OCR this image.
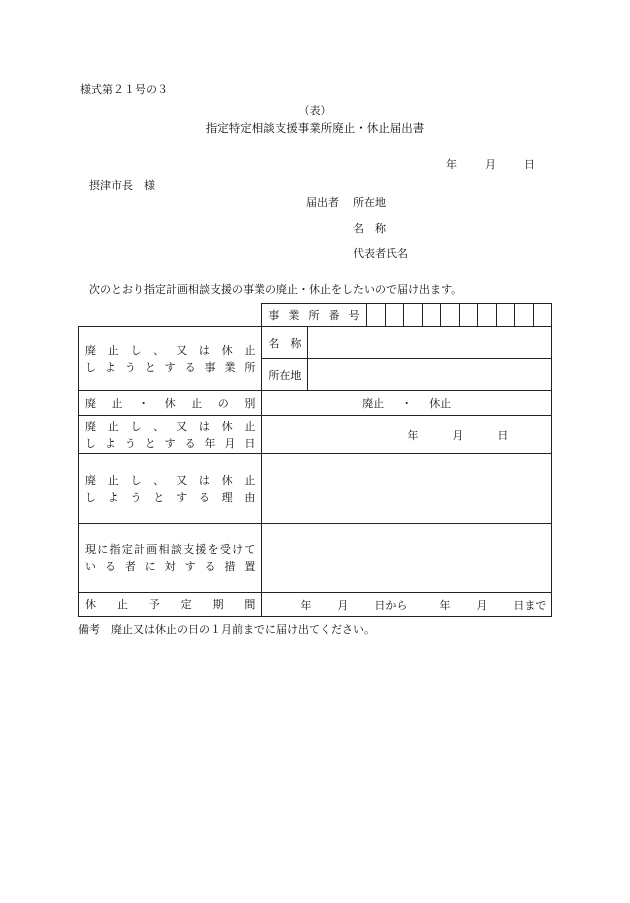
様式第２１号の３
（表）
指定特定相談支援事業所廃止・休止届出書
年	月	日
摂津市長　様
届出者 所在地
名　称
代表者氏名
次のとおり指定計画相談支援の事業の廃止・休止をしたいので届け出ます。

	事業所番号											

廃止し、又は休止
しようとする事業所	名　称											
	所在地											

廃止・休止の別	廃止 ・ 休止											

廃止し、又は休止
しようとする年月日	年 月 日											

廃止し、又は休止
しようとする理由												

現に指定計画相談支援を受けて
いる者に対する措置												

休止予定期間	年 月 日から 年 月 日まで											
備考　廃止又は休止の日の１月前までに届け出てください。
